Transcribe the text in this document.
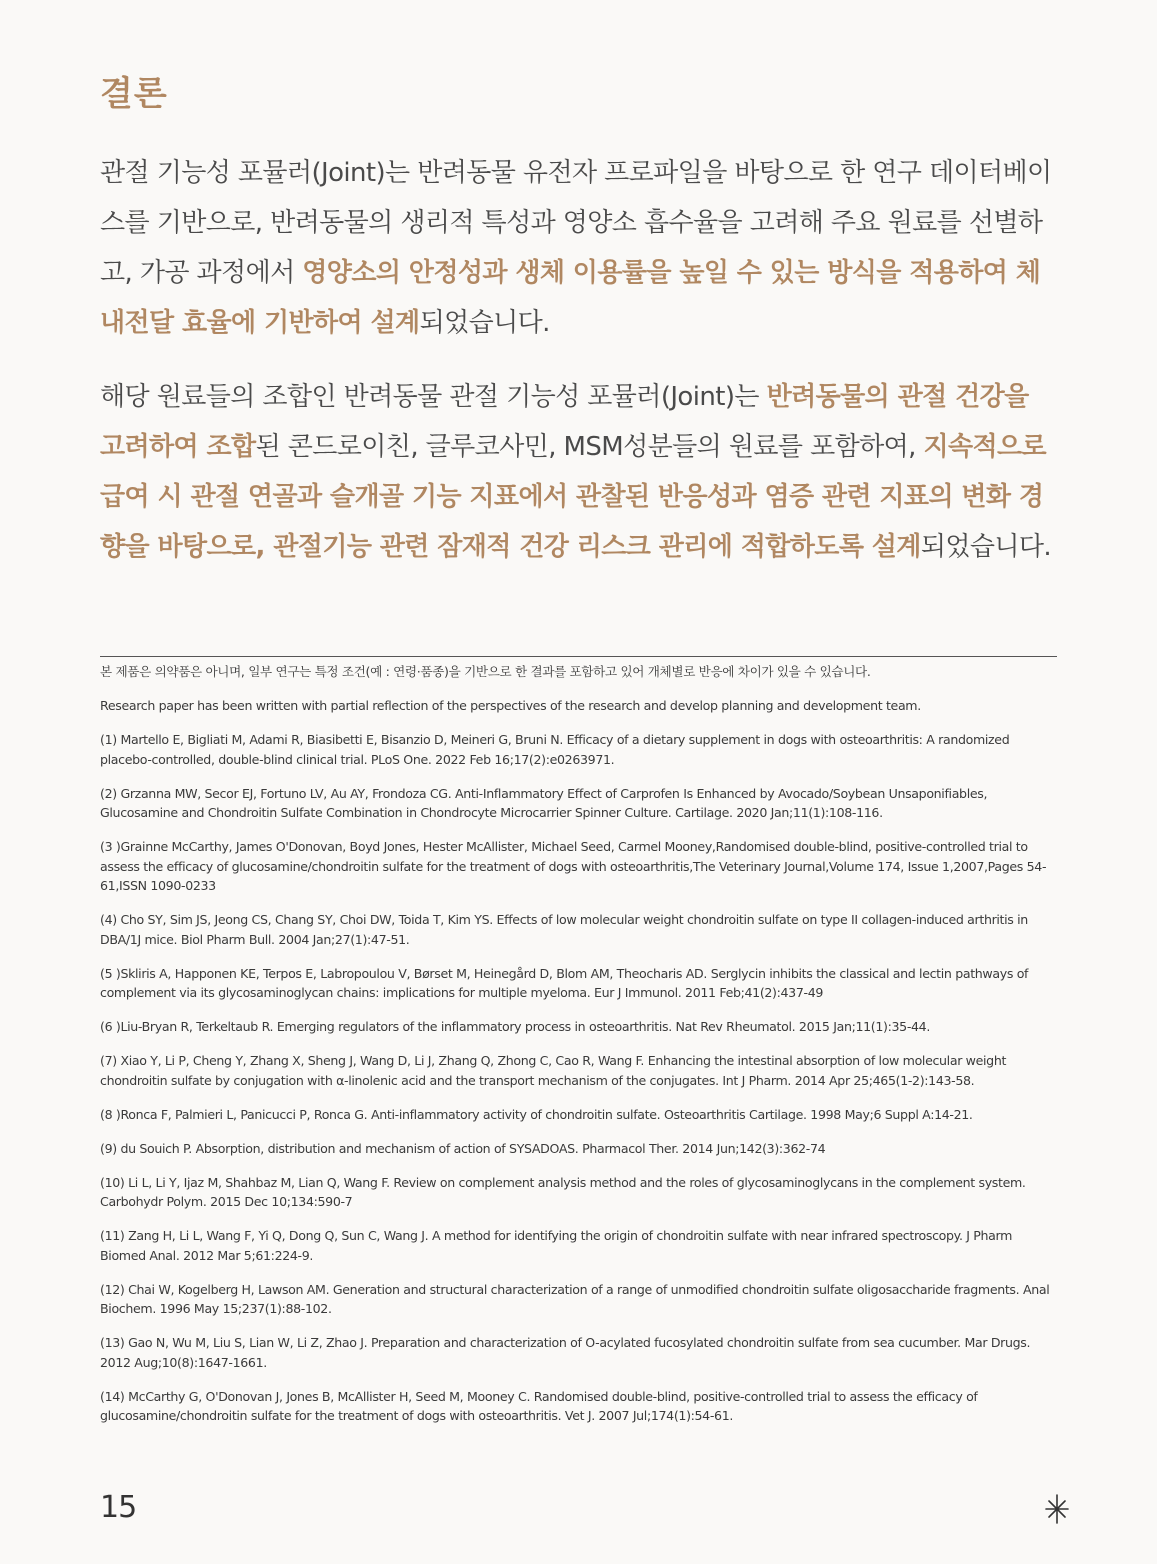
결론

관절 기능성 포뮬러(Joint)는 반려동물 유전자 프로파일을 바탕으로 한 연구 데이터베이스를 기반으로, 반려동물의 생리적 특성과 영양소 흡수율을 고려해 주요 원료를 선별하고, 가공 과정에서 영양소의 안정성과 생체 이용률을 높일 수 있는 방식을 적용하여 체내전달 효율에 기반하여 설계되었습니다.

해당 원료들의 조합인 반려동물 관절 기능성 포뮬러(Joint)는 반려동물의 관절 건강을 고려하여 조합된 콘드로이친, 글루코사민, MSM성분들의 원료를 포함하여, 지속적으로 급여 시 관절 연골과 슬개골 기능 지표에서 관찰된 반응성과 염증 관련 지표의 변화 경향을 바탕으로, 관절기능 관련 잠재적 건강 리스크 관리에 적합하도록 설계되었습니다.

본 제품은 의약품은 아니며, 일부 연구는 특정 조건(예 : 연령·품종)을 기반으로 한 결과를 포함하고 있어 개체별로 반응에 차이가 있을 수 있습니다.

Research paper has been written with partial reflection of the perspectives of the research and develop planning and development team.

(1) Martello E, Bigliati M, Adami R, Biasibetti E, Bisanzio D, Meineri G, Bruni N. Efficacy of a dietary supplement in dogs with osteoarthritis: A randomized placebo-controlled, double-blind clinical trial. PLoS One. 2022 Feb 16;17(2):e0263971.

(2) Grzanna MW, Secor EJ, Fortuno LV, Au AY, Frondoza CG. Anti-Inflammatory Effect of Carprofen Is Enhanced by Avocado/Soybean Unsaponifiables, Glucosamine and Chondroitin Sulfate Combination in Chondrocyte Microcarrier Spinner Culture. Cartilage. 2020 Jan;11(1):108-116.

(3 )Grainne McCarthy, James O'Donovan, Boyd Jones, Hester McAllister, Michael Seed, Carmel Mooney,Randomised double-blind, positive-controlled trial to assess the efficacy of glucosamine/chondroitin sulfate for the treatment of dogs with osteoarthritis,The Veterinary Journal,Volume 174, Issue 1,2007,Pages 54-61,ISSN 1090-0233

(4) Cho SY, Sim JS, Jeong CS, Chang SY, Choi DW, Toida T, Kim YS. Effects of low molecular weight chondroitin sulfate on type II collagen-induced arthritis in DBA/1J mice. Biol Pharm Bull. 2004 Jan;27(1):47-51.

(5 )Skliris A, Happonen KE, Terpos E, Labropoulou V, Børset M, Heinegård D, Blom AM, Theocharis AD. Serglycin inhibits the classical and lectin pathways of complement via its glycosaminoglycan chains: implications for multiple myeloma. Eur J Immunol. 2011 Feb;41(2):437-49

(6 )Liu-Bryan R, Terkeltaub R. Emerging regulators of the inflammatory process in osteoarthritis. Nat Rev Rheumatol. 2015 Jan;11(1):35-44.

(7) Xiao Y, Li P, Cheng Y, Zhang X, Sheng J, Wang D, Li J, Zhang Q, Zhong C, Cao R, Wang F. Enhancing the intestinal absorption of low molecular weight chondroitin sulfate by conjugation with α-linolenic acid and the transport mechanism of the conjugates. Int J Pharm. 2014 Apr 25;465(1-2):143-58.

(8 )Ronca F, Palmieri L, Panicucci P, Ronca G. Anti-inflammatory activity of chondroitin sulfate. Osteoarthritis Cartilage. 1998 May;6 Suppl A:14-21.

(9) du Souich P. Absorption, distribution and mechanism of action of SYSADOAS. Pharmacol Ther. 2014 Jun;142(3):362-74

(10) Li L, Li Y, Ijaz M, Shahbaz M, Lian Q, Wang F. Review on complement analysis method and the roles of glycosaminoglycans in the complement system. Carbohydr Polym. 2015 Dec 10;134:590-7

(11) Zang H, Li L, Wang F, Yi Q, Dong Q, Sun C, Wang J. A method for identifying the origin of chondroitin sulfate with near infrared spectroscopy. J Pharm Biomed Anal. 2012 Mar 5;61:224-9.

(12) Chai W, Kogelberg H, Lawson AM. Generation and structural characterization of a range of unmodified chondroitin sulfate oligosaccharide fragments. Anal Biochem. 1996 May 15;237(1):88-102.

(13) Gao N, Wu M, Liu S, Lian W, Li Z, Zhao J. Preparation and characterization of O-acylated fucosylated chondroitin sulfate from sea cucumber. Mar Drugs. 2012 Aug;10(8):1647-1661.

(14) McCarthy G, O'Donovan J, Jones B, McAllister H, Seed M, Mooney C. Randomised double-blind, positive-controlled trial to assess the efficacy of glucosamine/chondroitin sulfate for the treatment of dogs with osteoarthritis. Vet J. 2007 Jul;174(1):54-61.

15
